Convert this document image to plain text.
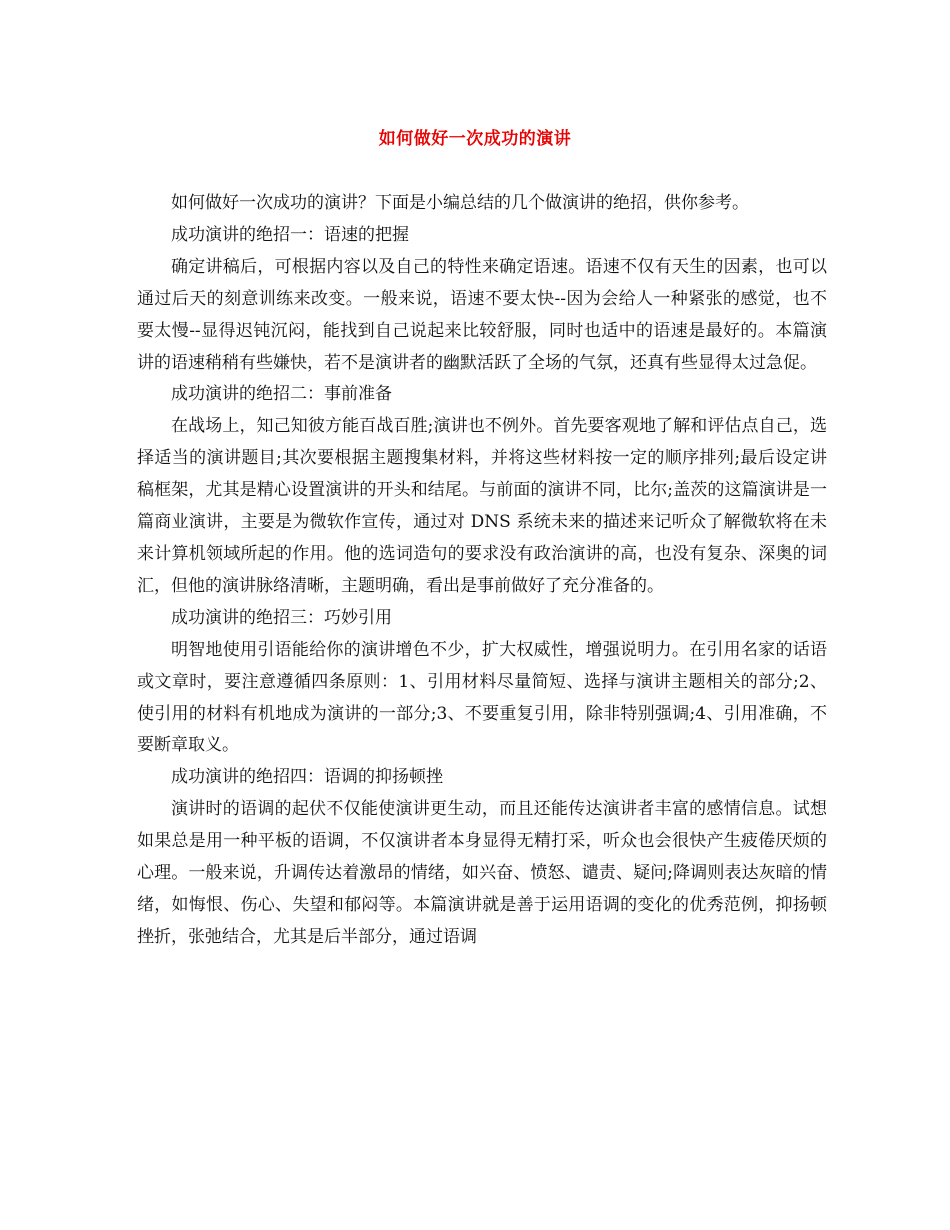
如何做好一次成功的演讲

如何做好一次成功的演讲？下面是小编总结的几个做演讲的绝招，供你参考。

成功演讲的绝招一：语速的把握

确定讲稿后，可根据内容以及自己的特性来确定语速。语速不仅有天生的因素，也可以通过后天的刻意训练来改变。一般来说，语速不要太快--因为会给人一种紧张的感觉，也不要太慢--显得迟钝沉闷，能找到自己说起来比较舒服，同时也适中的语速是最好的。本篇演讲的语速稍稍有些嫌快，若不是演讲者的幽默活跃了全场的气氛，还真有些显得太过急促。

成功演讲的绝招二：事前准备

在战场上，知己知彼方能百战百胜;演讲也不例外。首先要客观地了解和评估点自己，选择适当的演讲题目;其次要根据主题搜集材料，并将这些材料按一定的顺序排列;最后设定讲稿框架，尤其是精心设置演讲的开头和结尾。与前面的演讲不同，比尔;盖茨的这篇演讲是一篇商业演讲，主要是为微软作宣传，通过对 DNS 系统未来的描述来记听众了解微软将在未来计算机领域所起的作用。他的选词造句的要求没有政治演讲的高，也没有复杂、深奥的词汇，但他的演讲脉络清晰，主题明确，看出是事前做好了充分准备的。

成功演讲的绝招三：巧妙引用

明智地使用引语能给你的演讲增色不少，扩大权威性，增强说明力。在引用名家的话语或文章时，要注意遵循四条原则：1、引用材料尽量简短、选择与演讲主题相关的部分;2、使引用的材料有机地成为演讲的一部分;3、不要重复引用，除非特别强调;4、引用准确，不要断章取义。

成功演讲的绝招四：语调的抑扬顿挫

演讲时的语调的起伏不仅能使演讲更生动，而且还能传达演讲者丰富的感情信息。试想如果总是用一种平板的语调，不仅演讲者本身显得无精打采，听众也会很快产生疲倦厌烦的心理。一般来说，升调传达着激昂的情绪，如兴奋、愤怒、谴责、疑问;降调则表达灰暗的情绪，如悔恨、伤心、失望和郁闷等。本篇演讲就是善于运用语调的变化的优秀范例，抑扬顿挫折，张弛结合，尤其是后半部分，通过语调
